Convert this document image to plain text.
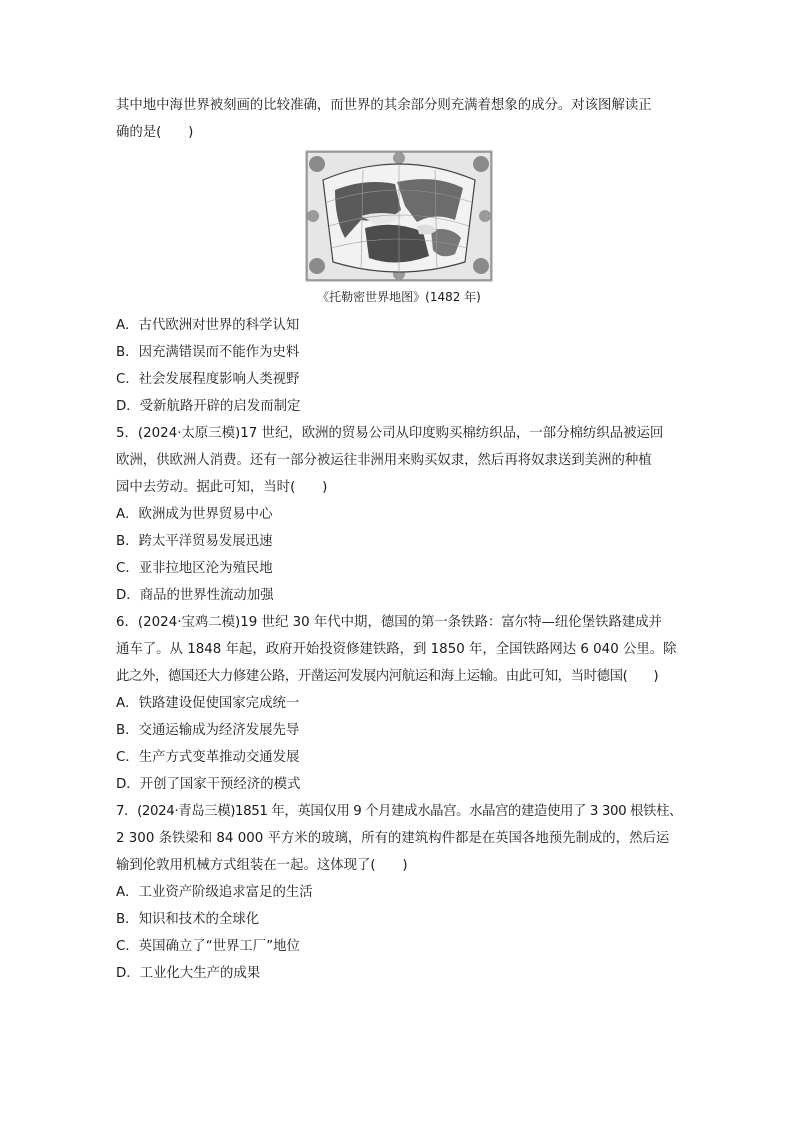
其中地中海世界被刻画的比较准确，而世界的其余部分则充满着想象的成分。对该图解读正

确的是(　　)

《托勒密世界地图》(1482 年)

A．古代欧洲对世界的科学认知

B．因充满错误而不能作为史料

C．社会发展程度影响人类视野

D．受新航路开辟的启发而制定

5．(2024·太原三模)17 世纪，欧洲的贸易公司从印度购买棉纺织品，一部分棉纺织品被运回

欧洲，供欧洲人消费。还有一部分被运往非洲用来购买奴隶，然后再将奴隶送到美洲的种植

园中去劳动。据此可知，当时(　　)

A．欧洲成为世界贸易中心

B．跨太平洋贸易发展迅速

C．亚非拉地区沦为殖民地

D．商品的世界性流动加强

6．(2024·宝鸡二模)19 世纪 30 年代中期，德国的第一条铁路：富尔特—纽伦堡铁路建成并

通车了。从 1848 年起，政府开始投资修建铁路，到 1850 年，全国铁路网达 6 040 公里。除

此之外，德国还大力修建公路，开凿运河发展内河航运和海上运输。由此可知，当时德国(　　)

A．铁路建设促使国家完成统一

B．交通运输成为经济发展先导

C．生产方式变革推动交通发展

D．开创了国家干预经济的模式

7．(2024·青岛三模)1851 年，英国仅用 9 个月建成水晶宫。水晶宫的建造使用了 3 300 根铁柱、

2 300 条铁梁和 84 000 平方米的玻璃，所有的建筑构件都是在英国各地预先制成的，然后运

输到伦敦用机械方式组装在一起。这体现了(　　)

A．工业资产阶级追求富足的生活

B．知识和技术的全球化

C．英国确立了“世界工厂”地位

D．工业化大生产的成果
